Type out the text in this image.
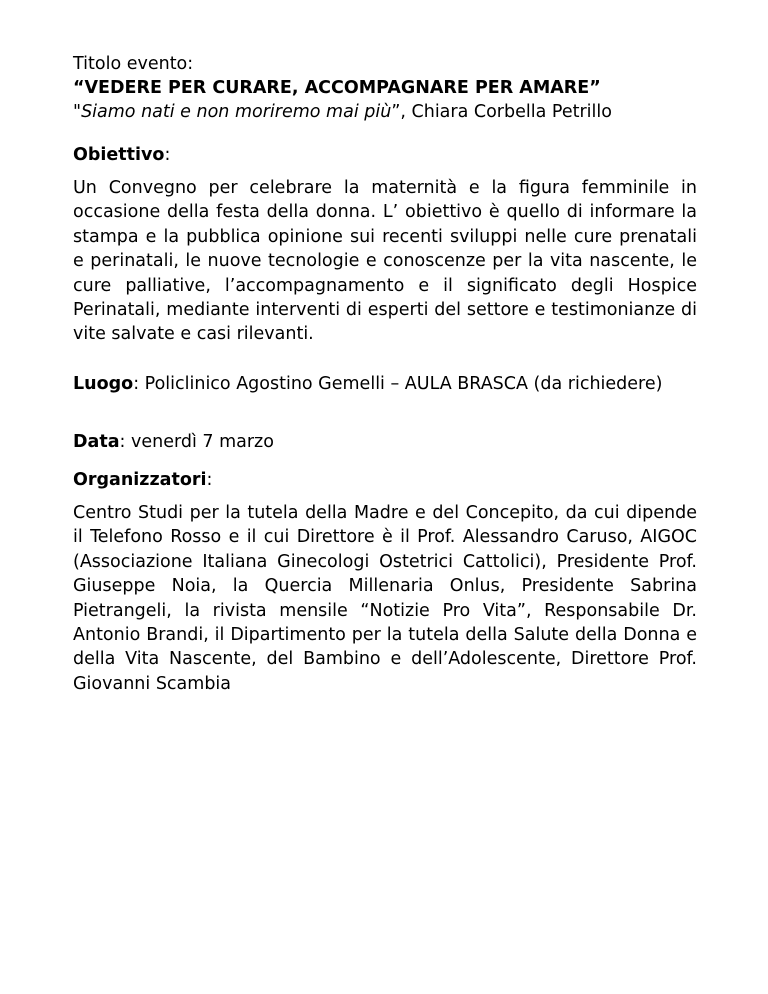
Titolo evento:
“VEDERE PER CURARE, ACCOMPAGNARE PER AMARE”
"Siamo nati e non moriremo mai più”, Chiara Corbella Petrillo
Obiettivo:
Un Convegno per celebrare la maternità e la figura femminile in occasione della festa della donna. L’ obiettivo è quello di informare la stampa e la pubblica opinione sui recenti sviluppi nelle cure prenatali e perinatali, le nuove tecnologie e conoscenze per la vita nascente, le cure palliative, l’accompagnamento e il significato degli Hospice Perinatali, mediante interventi di esperti del settore e testimonianze di vite salvate e casi rilevanti.
Luogo: Policlinico Agostino Gemelli – AULA BRASCA (da richiedere)
Data: venerdì 7 marzo
Organizzatori:
Centro Studi per la tutela della Madre e del Concepito, da cui dipende il Telefono Rosso e il cui Direttore è il Prof. Alessandro Caruso, AIGOC (Associazione Italiana Ginecologi Ostetrici Cattolici), Presidente Prof. Giuseppe Noia, la Quercia Millenaria Onlus, Presidente Sabrina Pietrangeli, la rivista mensile “Notizie Pro Vita”, Responsabile Dr. Antonio Brandi, il Dipartimento per la tutela della Salute della Donna e della Vita Nascente, del Bambino e dell’Adolescente, Direttore Prof. Giovanni Scambia
